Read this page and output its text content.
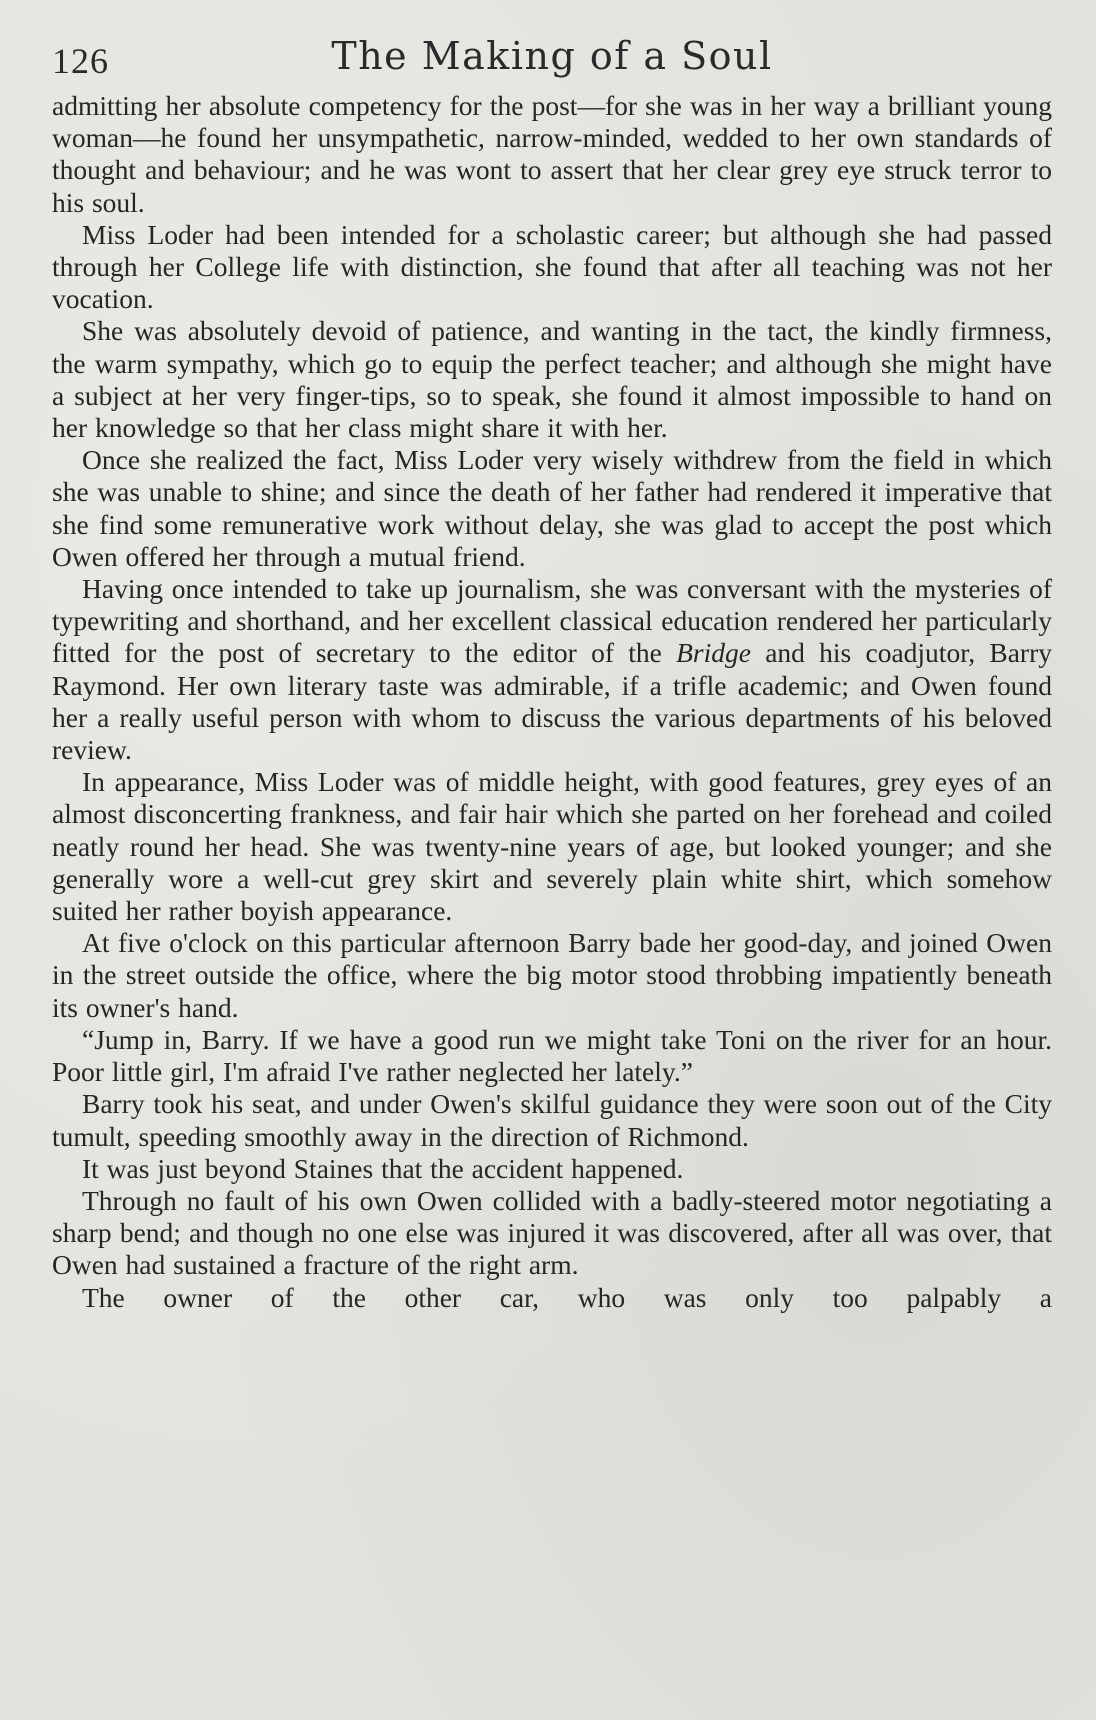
126	The Making of a Soul

admitting her absolute competency for the post—for she was in her way a brilliant young woman—he found her unsympathetic, narrow-minded, wedded to her own standards of thought and behaviour; and he was wont to assert that her clear grey eye struck terror to his soul.

Miss Loder had been intended for a scholastic career; but although she had passed through her College life with distinction, she found that after all teaching was not her vocation.

She was absolutely devoid of patience, and wanting in the tact, the kindly firmness, the warm sympathy, which go to equip the perfect teacher; and although she might have a subject at her very finger-tips, so to speak, she found it almost impossible to hand on her knowledge so that her class might share it with her.

Once she realized the fact, Miss Loder very wisely withdrew from the field in which she was unable to shine; and since the death of her father had rendered it imperative that she find some remunerative work without delay, she was glad to accept the post which Owen offered her through a mutual friend.

Having once intended to take up journalism, she was conversant with the mysteries of typewriting and shorthand, and her excellent classical education rendered her particularly fitted for the post of secretary to the editor of the Bridge and his coadjutor, Barry Raymond. Her own literary taste was admirable, if a trifle academic; and Owen found her a really useful person with whom to discuss the various departments of his beloved review.

In appearance, Miss Loder was of middle height, with good features, grey eyes of an almost disconcerting frankness, and fair hair which she parted on her forehead and coiled neatly round her head. She was twenty-nine years of age, but looked younger; and she generally wore a well-cut grey skirt and severely plain white shirt, which somehow suited her rather boyish appearance.

At five o'clock on this particular afternoon Barry bade her good-day, and joined Owen in the street outside the office, where the big motor stood throbbing impatiently beneath its owner's hand.

“Jump in, Barry. If we have a good run we might take Toni on the river for an hour. Poor little girl, I'm afraid I've rather neglected her lately.”

Barry took his seat, and under Owen's skilful guidance they were soon out of the City tumult, speeding smoothly away in the direction of Richmond.

It was just beyond Staines that the accident happened.

Through no fault of his own Owen collided with a badly-steered motor negotiating a sharp bend; and though no one else was injured it was discovered, after all was over, that Owen had sustained a fracture of the right arm.

The owner of the other car, who was only too palpably a
